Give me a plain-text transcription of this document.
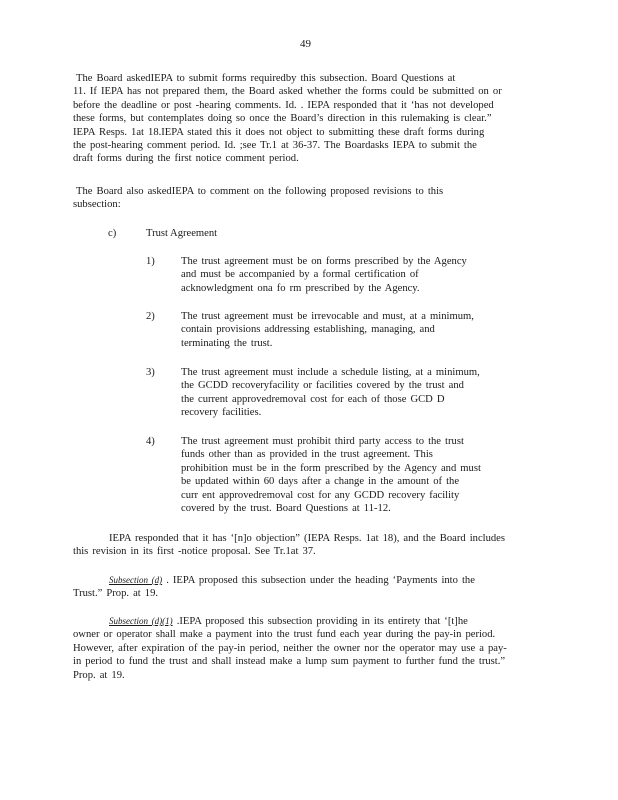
49
The Board askedIEPA to submit forms requiredby this subsection. Board Questions at
11. If IEPA has not prepared them, the Board asked whether the forms could be submitted on or
before the deadline or post -hearing comments. Id. . IEPA responded that it ‘has not developed
these forms, but contemplates doing so once the Board’s direction in this rulemaking is clear.”
IEPA Resps. 1at 18.IEPA stated this it does not object to submitting these draft forms during
the post-hearing comment period. Id. ;see Tr.1 at 36-37. The Boardasks IEPA to submit the
draft forms during the first notice comment period.
The Board also askedIEPA to comment on the following proposed revisions to this
subsection:
c)	Trust Agreement
1) The trust agreement must be on forms prescribed by the Agency
and must be accompanied by a formal certification of
acknowledgment ona fo rm prescribed by the Agency.
2) The trust agreement must be irrevocable and must, at a minimum,
contain provisions addressing establishing, managing, and
terminating the trust.
3) The trust agreement must include a schedule listing, at a minimum,
the GCDD recoveryfacility or facilities covered by the trust and
the current approvedremoval cost for each of those GCD D
recovery facilities.
4) The trust agreement must prohibit third party access to the trust
funds other than as provided in the trust agreement. This
prohibition must be in the form prescribed by the Agency and must
be updated within 60 days after a change in the amount of the
curr ent approvedremoval cost for any GCDD recovery facility
covered by the trust. Board Questions at 11-12.
IEPA responded that it has ‘[n]o objection” (IEPA Resps. 1at 18), and the Board includes
this revision in its first -notice proposal. See Tr.1at 37.
Subsection (d) . IEPA proposed this subsection under the heading ‘Payments into the
Trust.” Prop. at 19.
Subsection (d)(1) .IEPA proposed this subsection providing in its entirety that ‘[t]he
owner or operator shall make a payment into the trust fund each year during the pay-in period.
However, after expiration of the pay-in period, neither the owner nor the operator may use a pay-
in period to fund the trust and shall instead make a lump sum payment to further fund the trust.”
Prop. at 19.
